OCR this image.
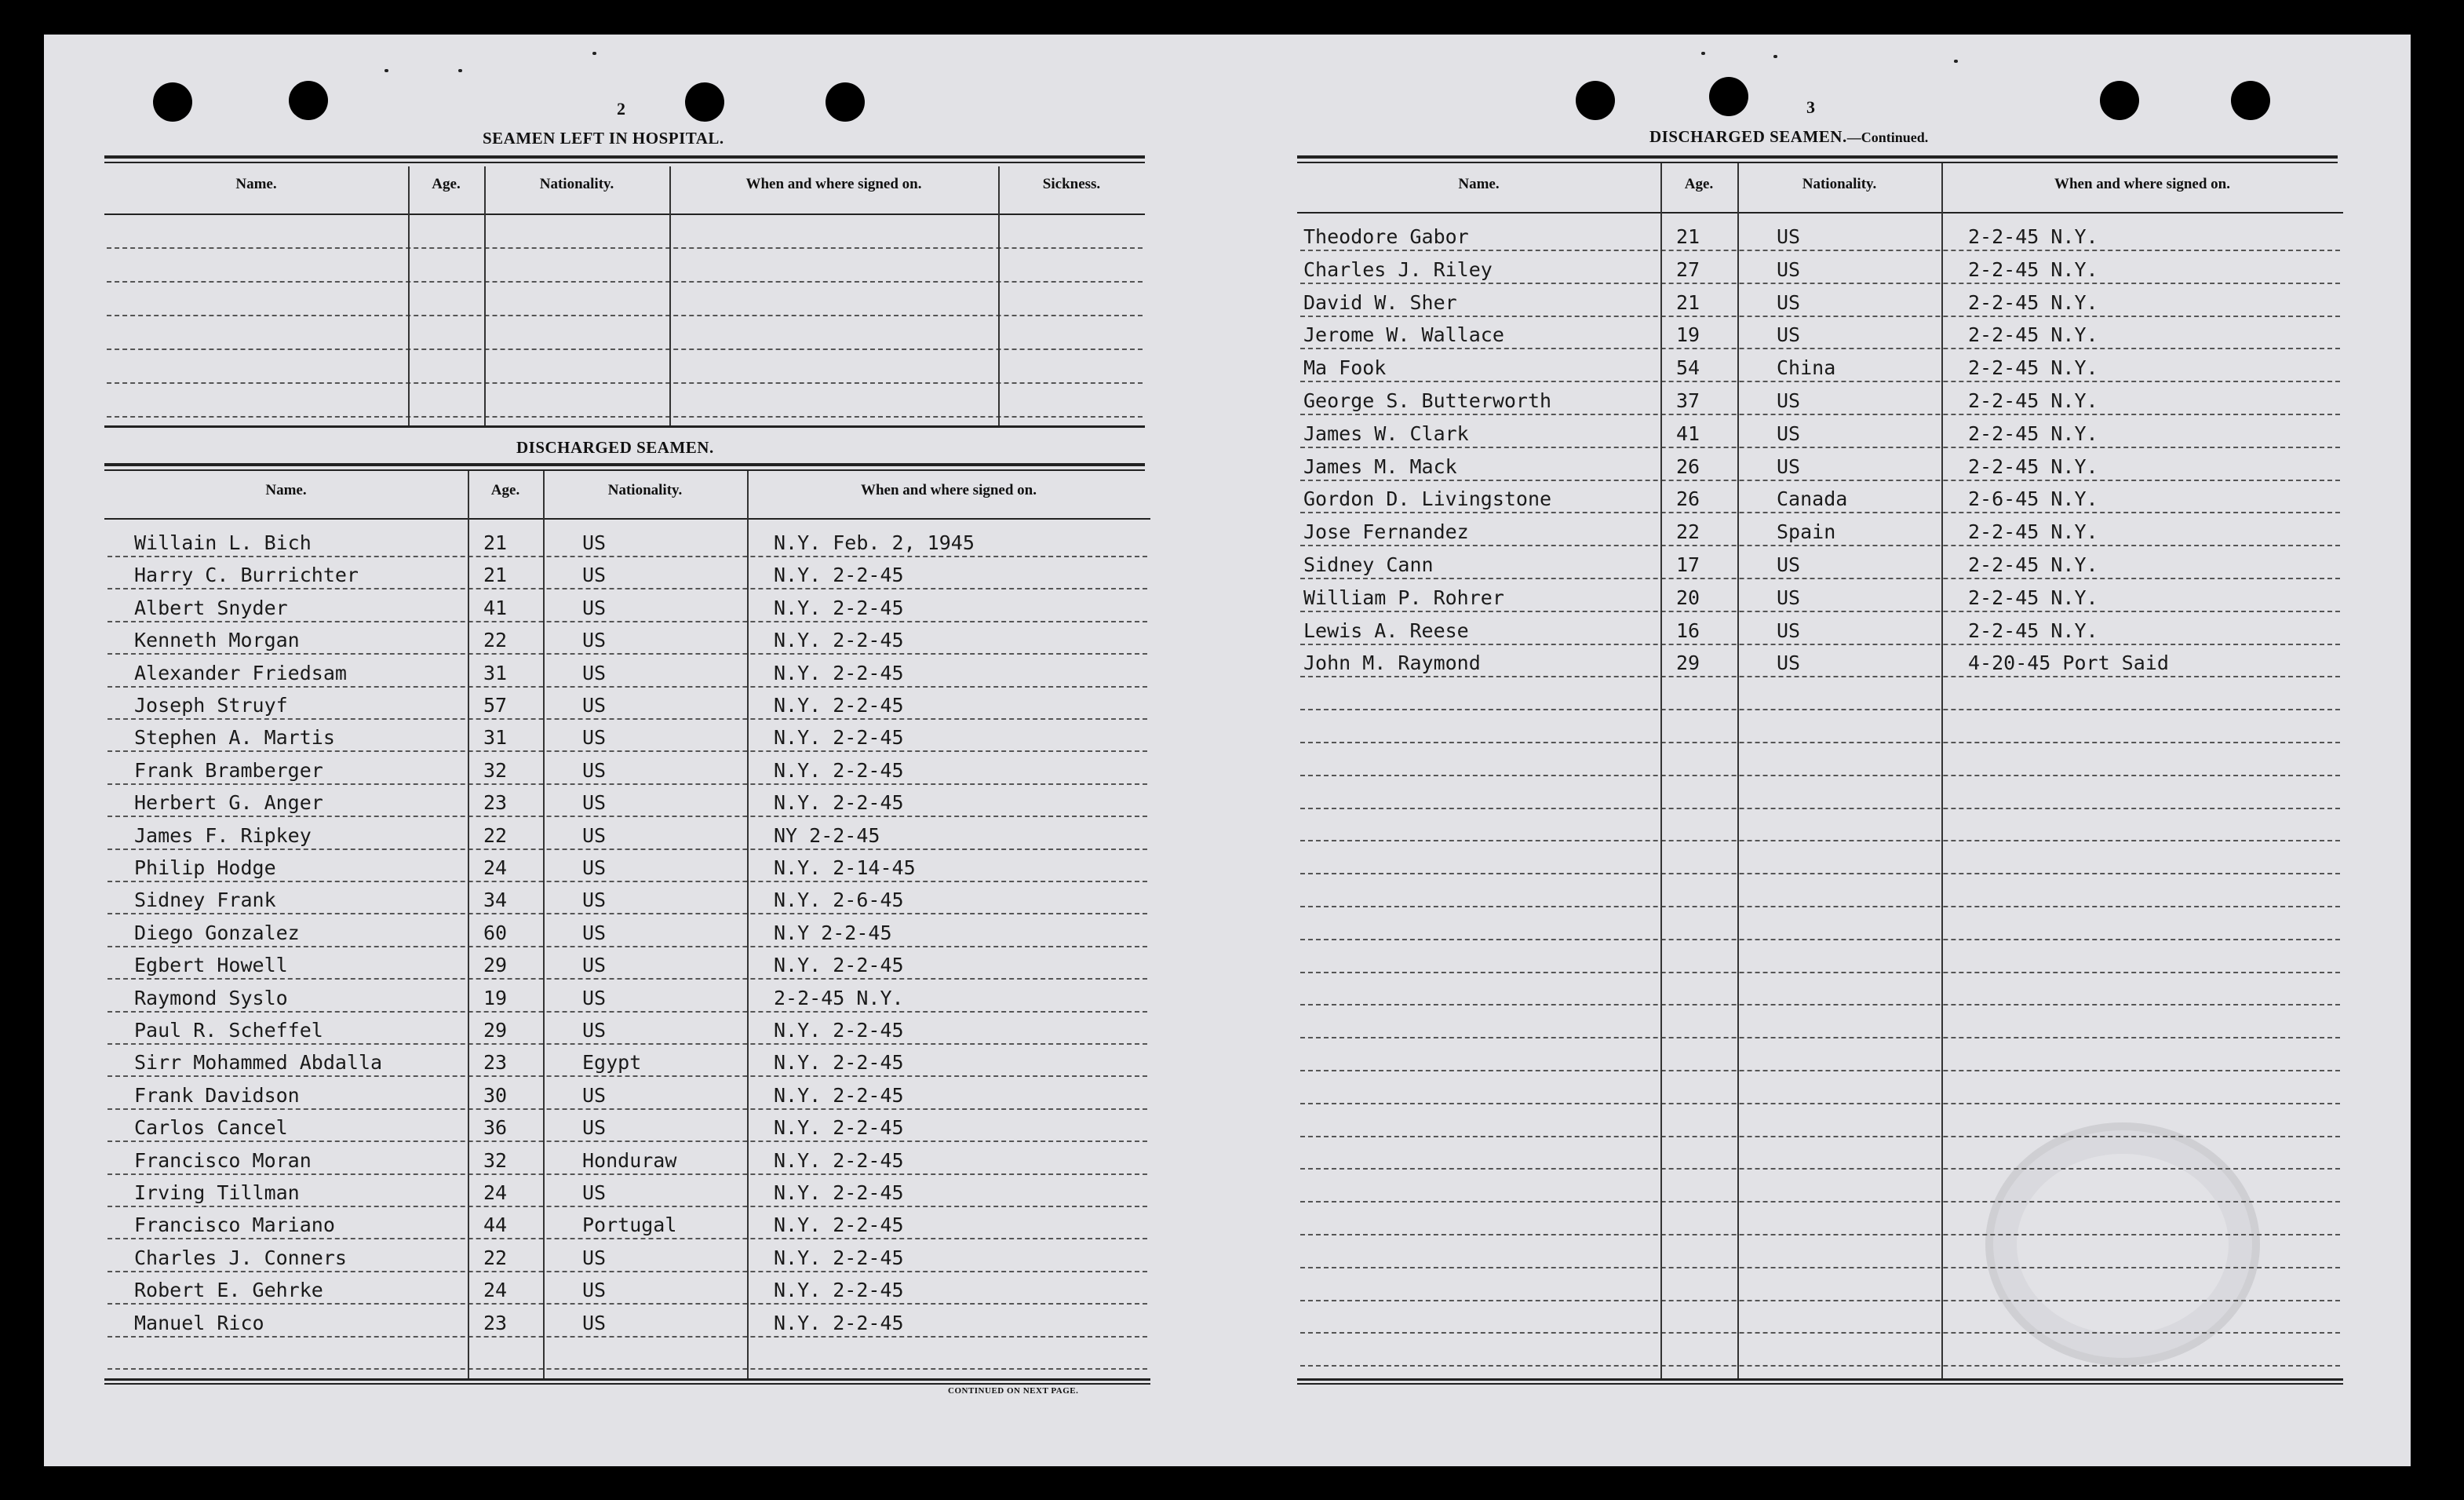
2
SEAMEN LEFT IN HOSPITAL.
Name.	Age.	Nationality.	When and where signed on.	Sickness.
DISCHARGED SEAMEN.
Name.	Age.	Nationality.	When and where signed on.
Willain L. Bich	21	US	N.Y. Feb. 2, 1945
Harry C. Burrichter	21	US	N.Y. 2-2-45
Albert Snyder	41	US	N.Y. 2-2-45
Kenneth Morgan	22	US	N.Y. 2-2-45
Alexander Friedsam	31	US	N.Y. 2-2-45
Joseph Struyf	57	US	N.Y. 2-2-45
Stephen A. Martis	31	US	N.Y. 2-2-45
Frank Bramberger	32	US	N.Y. 2-2-45
Herbert G. Anger	23	US	N.Y. 2-2-45
James F. Ripkey	22	US	NY 2-2-45
Philip Hodge	24	US	N.Y. 2-14-45
Sidney Frank	34	US	N.Y. 2-6-45
Diego Gonzalez	60	US	N.Y 2-2-45
Egbert Howell	29	US	N.Y. 2-2-45
Raymond Syslo	19	US	2-2-45 N.Y.
Paul R. Scheffel	29	US	N.Y. 2-2-45
Sirr Mohammed Abdalla	23	Egypt	N.Y. 2-2-45
Frank Davidson	30	US	N.Y. 2-2-45
Carlos Cancel	36	US	N.Y. 2-2-45
Francisco Moran	32	Honduraw	N.Y. 2-2-45
Irving Tillman	24	US	N.Y. 2-2-45
Francisco Mariano	44	Portugal	N.Y. 2-2-45
Charles J. Conners	22	US	N.Y. 2-2-45
Robert E. Gehrke	24	US	N.Y. 2-2-45
Manuel Rico	23	US	N.Y. 2-2-45
CONTINUED ON NEXT PAGE.
3
DISCHARGED SEAMEN.—Continued.
Name.	Age.	Nationality.	When and where signed on.
Theodore Gabor	21	US	2-2-45 N.Y.
Charles J. Riley	27	US	2-2-45 N.Y.
David W. Sher	21	US	2-2-45 N.Y.
Jerome W. Wallace	19	US	2-2-45 N.Y.
Ma Fook	54	China	2-2-45 N.Y.
George S. Butterworth	37	US	2-2-45 N.Y.
James W. Clark	41	US	2-2-45 N.Y.
James M. Mack	26	US	2-2-45 N.Y.
Gordon D. Livingstone	26	Canada	2-6-45 N.Y.
Jose Fernandez	22	Spain	2-2-45 N.Y.
Sidney Cann	17	US	2-2-45 N.Y.
William P. Rohrer	20	US	2-2-45 N.Y.
Lewis A. Reese	16	US	2-2-45 N.Y.
John M. Raymond	29	US	4-20-45 Port Said
